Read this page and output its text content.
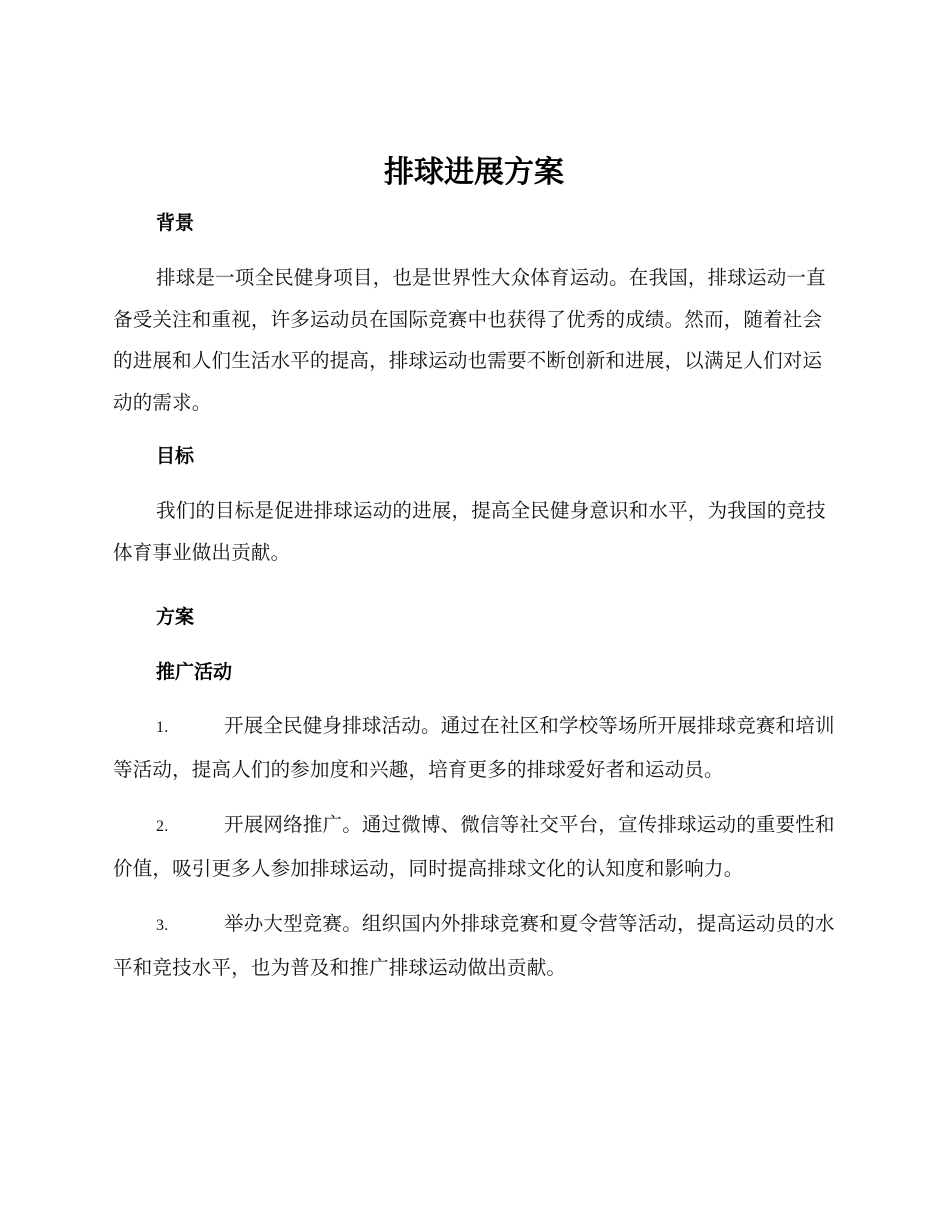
排球进展方案
背景

排球是一项全民健身项目，也是世界性大众体育运动。在我国，排球运动一直备受关注和重视，许多运动员在国际竞赛中也获得了优秀的成绩。然而，随着社会的进展和人们生活水平的提高，排球运动也需要不断创新和进展，以满足人们对运动的需求。

目标

我们的目标是促进排球运动的进展，提高全民健身意识和水平，为我国的竞技体育事业做出贡献。

方案
推广活动

1.	开展全民健身排球活动。通过在社区和学校等场所开展排球竞赛和培训等活动，提高人们的参加度和兴趣，培育更多的排球爱好者和运动员。

2.	开展网络推广。通过微博、微信等社交平台，宣传排球运动的重要性和价值，吸引更多人参加排球运动，同时提高排球文化的认知度和影响力。

3.	举办大型竞赛。组织国内外排球竞赛和夏令营等活动，提高运动员的水平和竞技水平，也为普及和推广排球运动做出贡献。
